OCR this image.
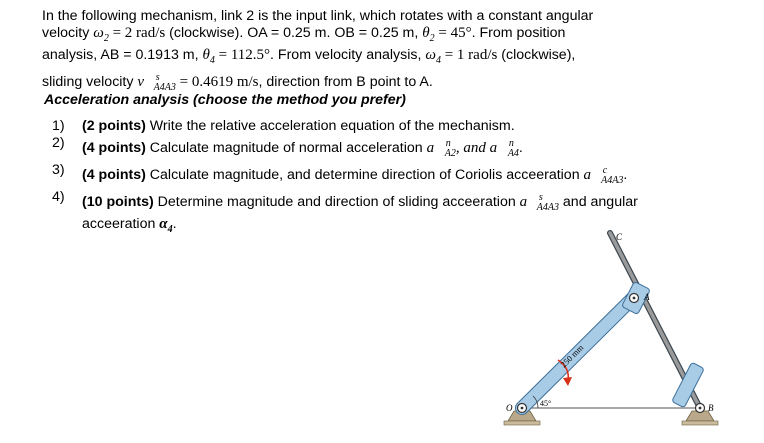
In the following mechanism, link 2 is the input link, which rotates with a constant angular

velocity $\omega_2 = 2$ rad/s (clockwise). OA = 0.25 m. OB = 0.25 m, $\theta_2 = 45^\circ$. From position

analysis, AB = 0.1913 m, $\theta_4 = 112.5^\circ$. From velocity analysis, $\omega_4 = 1$ rad/s (clockwise),

sliding velocity v⃗$^s_{A4A3}$ = 0.4619 m/s, direction from B point to A.

Acceleration analysis (choose the method you prefer)
1) (2 points) Write the relative acceleration equation of the mechanism.
2) (4 points) Calculate magnitude of normal acceleration a⃗$^n_{A2}$, and a⃗$^n_{A4}$.
3) (4 points) Calculate magnitude, and determine direction of Coriolis acceeration a⃗$^c_{A4A3}$.
4) (10 points) Determine magnitude and direction of sliding acceeration a⃗$^s_{A4A3}$ and angular
acceeration $\alpha_4$.
C
A
O	B
45°
250 mm
